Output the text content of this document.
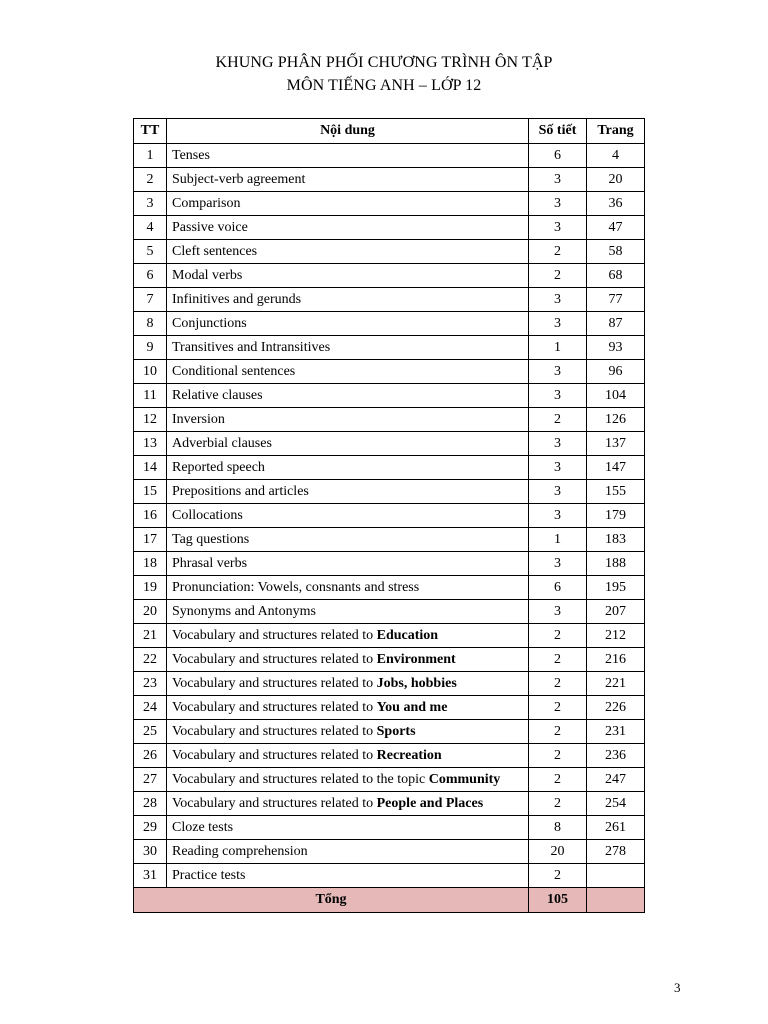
KHUNG PHÂN PHỐI CHƯƠNG TRÌNH ÔN TẬP
MÔN TIẾNG ANH – LỚP 12
TT	Nội dung	Số tiết	Trang
1	Tenses	6	4
2	Subject-verb agreement	3	20
3	Comparison	3	36
4	Passive voice	3	47
5	Cleft sentences	2	58
6	Modal verbs	2	68
7	Infinitives and gerunds	3	77
8	Conjunctions	3	87
9	Transitives and Intransitives	1	93
10	Conditional sentences	3	96
11	Relative clauses	3	104
12	Inversion	2	126
13	Adverbial clauses	3	137
14	Reported speech	3	147
15	Prepositions and articles	3	155
16	Collocations	3	179
17	Tag questions	1	183
18	Phrasal verbs	3	188
19	Pronunciation: Vowels, consnants and stress	6	195
20	Synonyms and Antonyms	3	207
21	Vocabulary and structures related to Education	2	212
22	Vocabulary and structures related to Environment	2	216
23	Vocabulary and structures related to Jobs, hobbies	2	221
24	Vocabulary and structures related to You and me	2	226
25	Vocabulary and structures related to Sports	2	231
26	Vocabulary and structures related to Recreation	2	236
27	Vocabulary and structures related to the topic Community	2	247
28	Vocabulary and structures related to People and Places	2	254
29	Cloze tests	8	261
30	Reading comprehension	20	278
31	Practice tests	2	
Tổng		105	
3
